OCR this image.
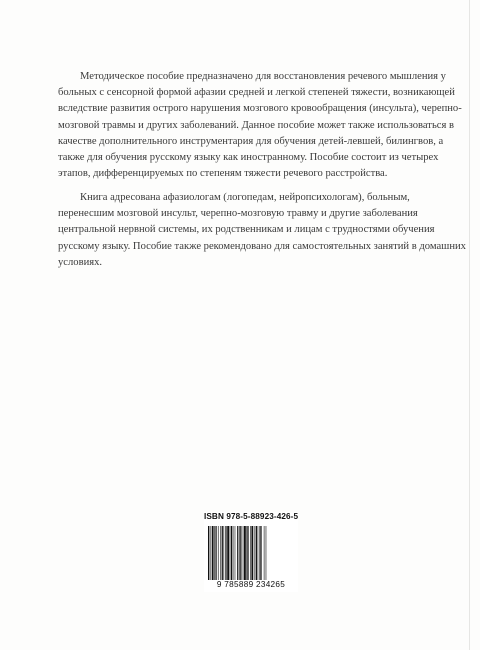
Методическое пособие предназначено для восстановления речевого мышления у
больных с сенсорной формой афазии средней и легкой степеней тяжести, возникающей
вследствие развития острого нарушения мозгового кровообращения (инсульта), черепно-
мозговой травмы и других заболеваний. Данное пособие может также использоваться в
качестве дополнительного инструментария для обучения детей-левшей, билингвов, а
также для обучения русскому языку как иностранному. Пособие состоит из четырех
этапов, дифференцируемых по степеням тяжести речевого расстройства.
Книга адресована афазиологам (логопедам, нейропсихологам), больным,
перенесшим мозговой инсульт, черепно-мозговую травму и другие заболевания
центральной нервной системы, их родственникам и лицам с трудностями обучения
русскому языку. Пособие также рекомендовано для самостоятельных занятий в домашних
условиях.
ISBN 978-5-88923-426-5
9 785889 234265
